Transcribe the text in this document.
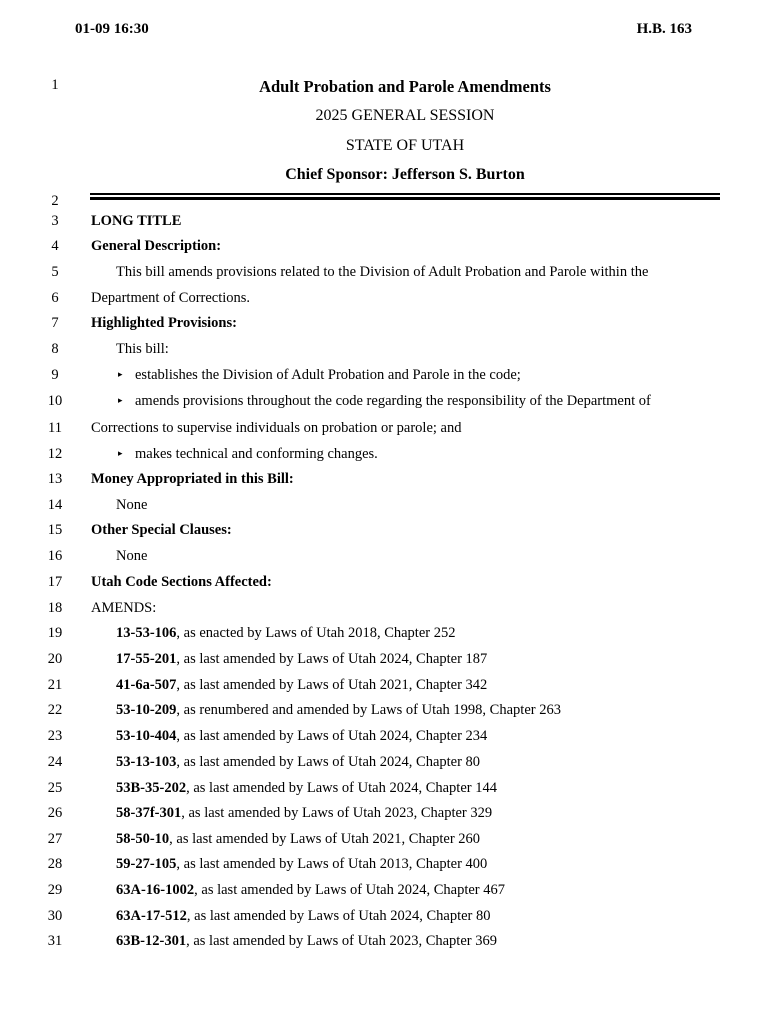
01-09 16:30	H.B. 163
1
2
3
4
5
6
7
8
9
10
11
12
13
14
15
16
17
18
19
20
21
22
23
24
25
26
27
28
29
30
31
Adult Probation and Parole Amendments
2025 GENERAL SESSION
STATE OF UTAH
Chief Sponsor: Jefferson S. Burton
LONG TITLE
General Description:
This bill amends provisions related to the Division of Adult Probation and Parole within the
Department of Corrections.
Highlighted Provisions:
This bill:
▸ establishes the Division of Adult Probation and Parole in the code;
▸ amends provisions throughout the code regarding the responsibility of the Department of
Corrections to supervise individuals on probation or parole; and
▸ makes technical and conforming changes.
Money Appropriated in this Bill:
None
Other Special Clauses:
None
Utah Code Sections Affected:
AMENDS:
13-53-106, as enacted by Laws of Utah 2018, Chapter 252
17-55-201, as last amended by Laws of Utah 2024, Chapter 187
41-6a-507, as last amended by Laws of Utah 2021, Chapter 342
53-10-209, as renumbered and amended by Laws of Utah 1998, Chapter 263
53-10-404, as last amended by Laws of Utah 2024, Chapter 234
53-13-103, as last amended by Laws of Utah 2024, Chapter 80
53B-35-202, as last amended by Laws of Utah 2024, Chapter 144
58-37f-301, as last amended by Laws of Utah 2023, Chapter 329
58-50-10, as last amended by Laws of Utah 2021, Chapter 260
59-27-105, as last amended by Laws of Utah 2013, Chapter 400
63A-16-1002, as last amended by Laws of Utah 2024, Chapter 467
63A-17-512, as last amended by Laws of Utah 2024, Chapter 80
63B-12-301, as last amended by Laws of Utah 2023, Chapter 369
